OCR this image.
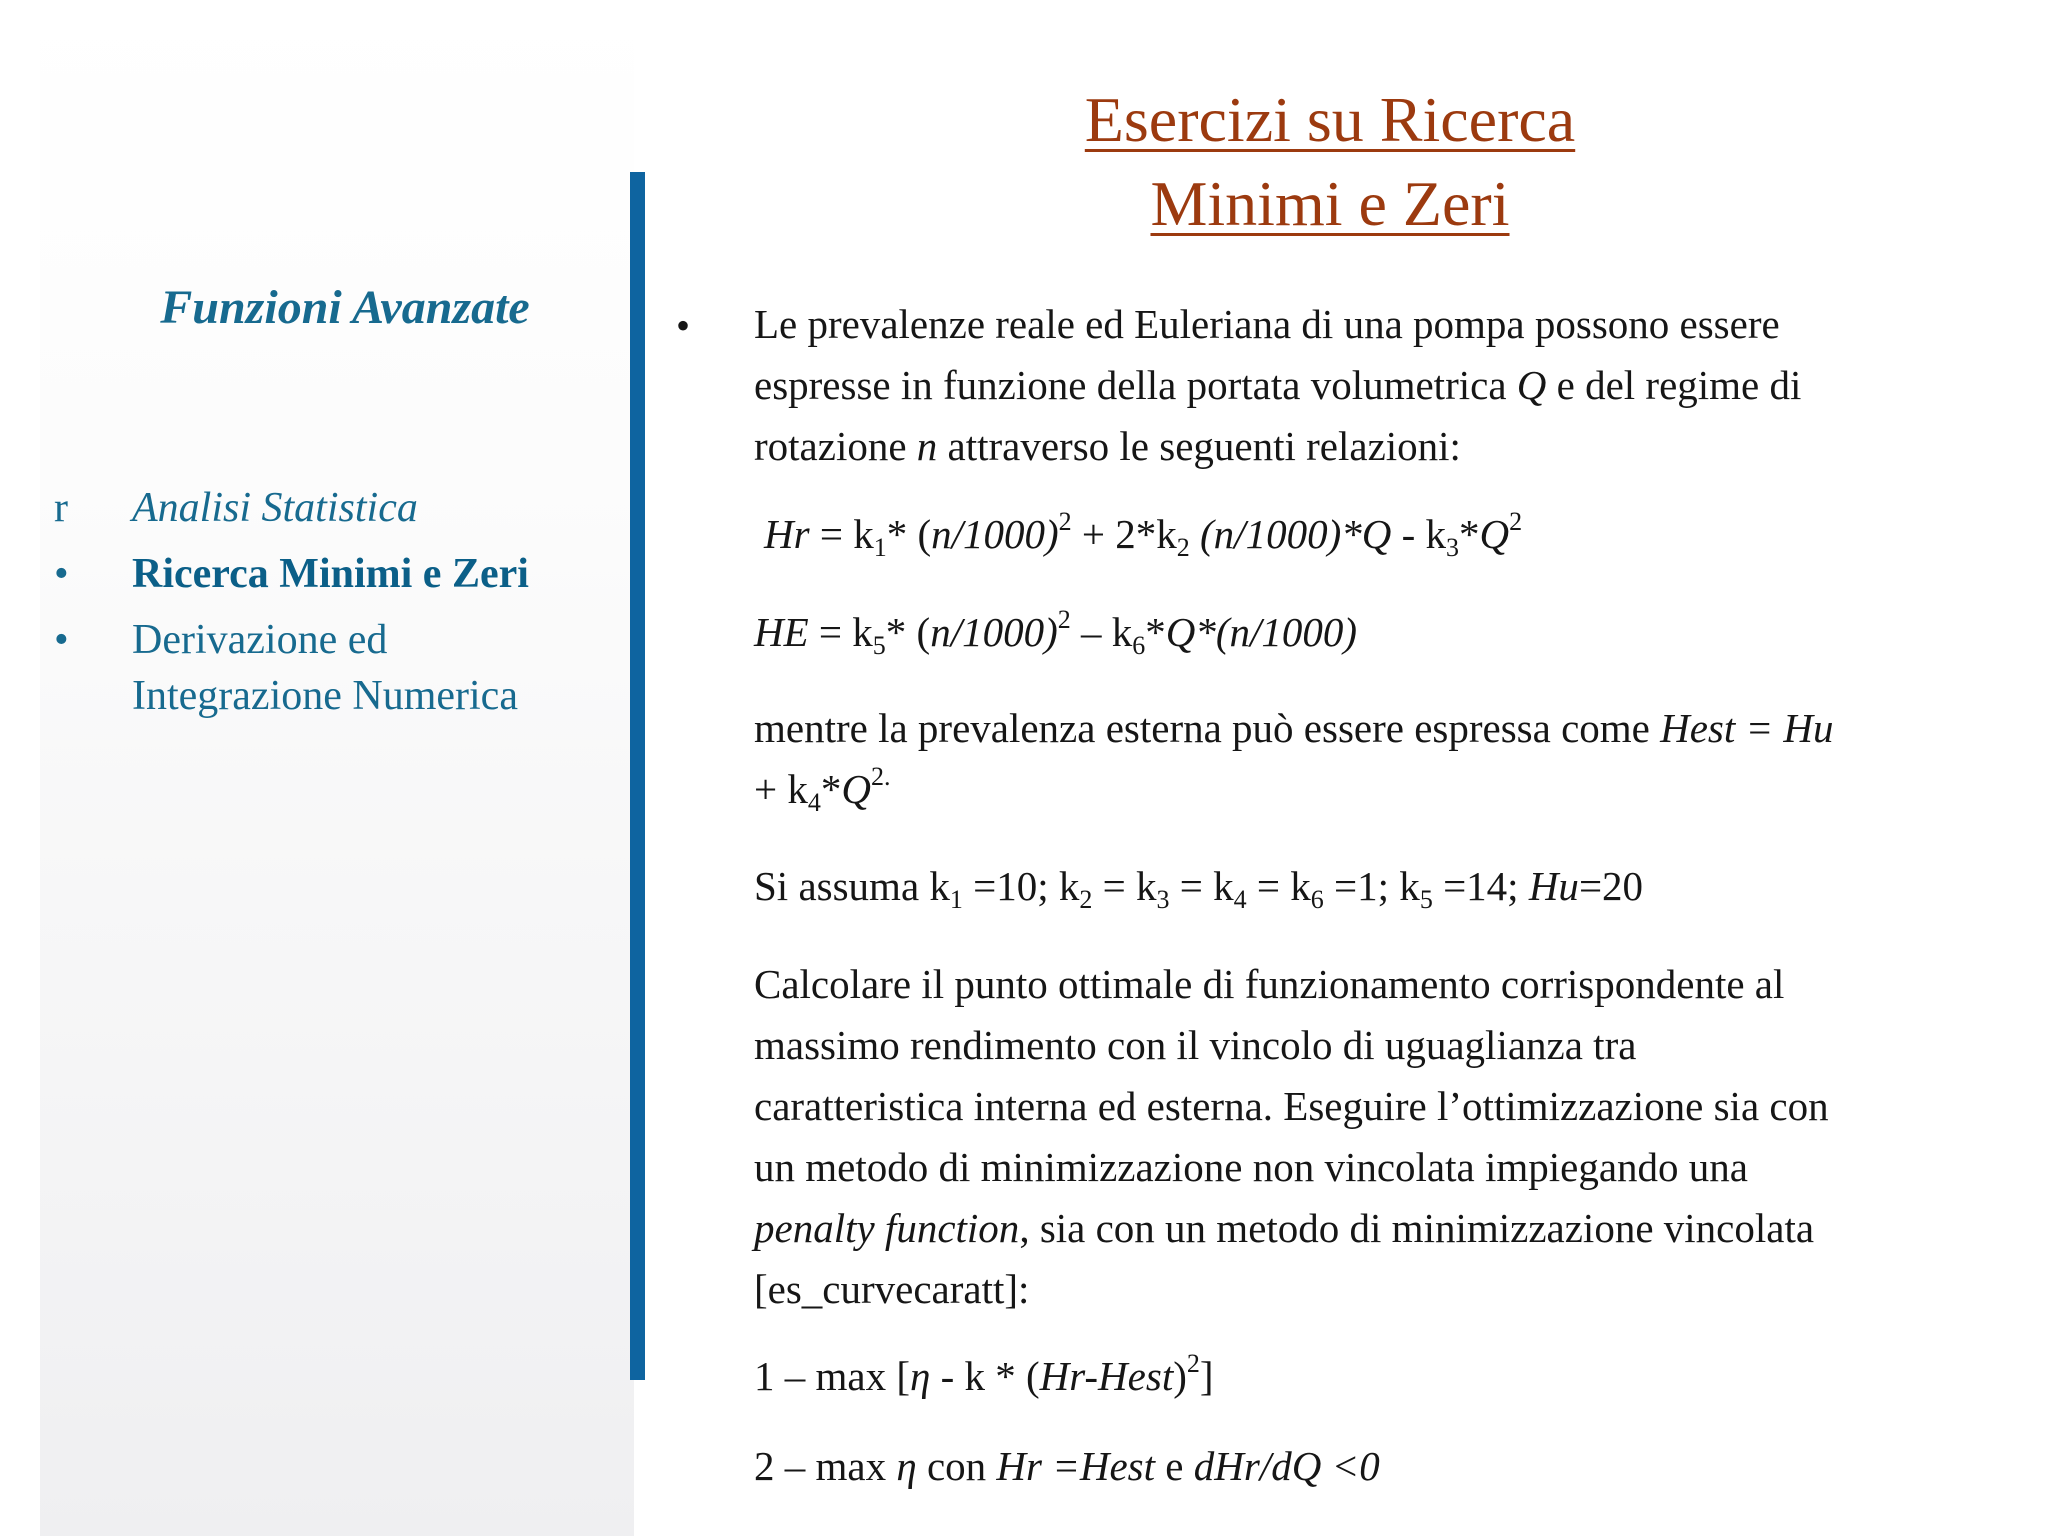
Funzioni Avanzate
r Analisi Statistica
• Ricerca Minimi e Zeri
• Derivazione ed
Integrazione Numerica
Esercizi su Ricerca
Minimi e Zeri
• Le prevalenze reale ed Euleriana di una pompa possono essere
espresse in funzione della portata volumetrica Q e del regime di
rotazione n attraverso le seguenti relazioni:

$Hr = k_1*$ $(n/1000)^2 + 2*k_2$ $(n/1000)*Q - k_3*Q^2$

HE = $k_5*$ $(n/1000)^2 - k_6*Q*(n/1000)$

mentre la prevalenza esterna può essere espressa come Hest = Hu
+ $k_4*Q^{2.}$

Si assuma $k_1 =10$; $k_2 = k_3 = k_4 = k_6 =1$; $k_5 =14$; Hu=20

Calcolare il punto ottimale di funzionamento corrispondente al
massimo rendimento con il vincolo di uguaglianza tra
caratteristica interna ed esterna. Eseguire l’ottimizzazione sia con
un metodo di minimizzazione non vincolata impiegando una
penalty function, sia con un metodo di minimizzazione vincolata
[es_curvecaratt]:

1 – max [η - k * (Hr-Hest)$^2$]

2 – max η con Hr =Hest e dHr/dQ <0
